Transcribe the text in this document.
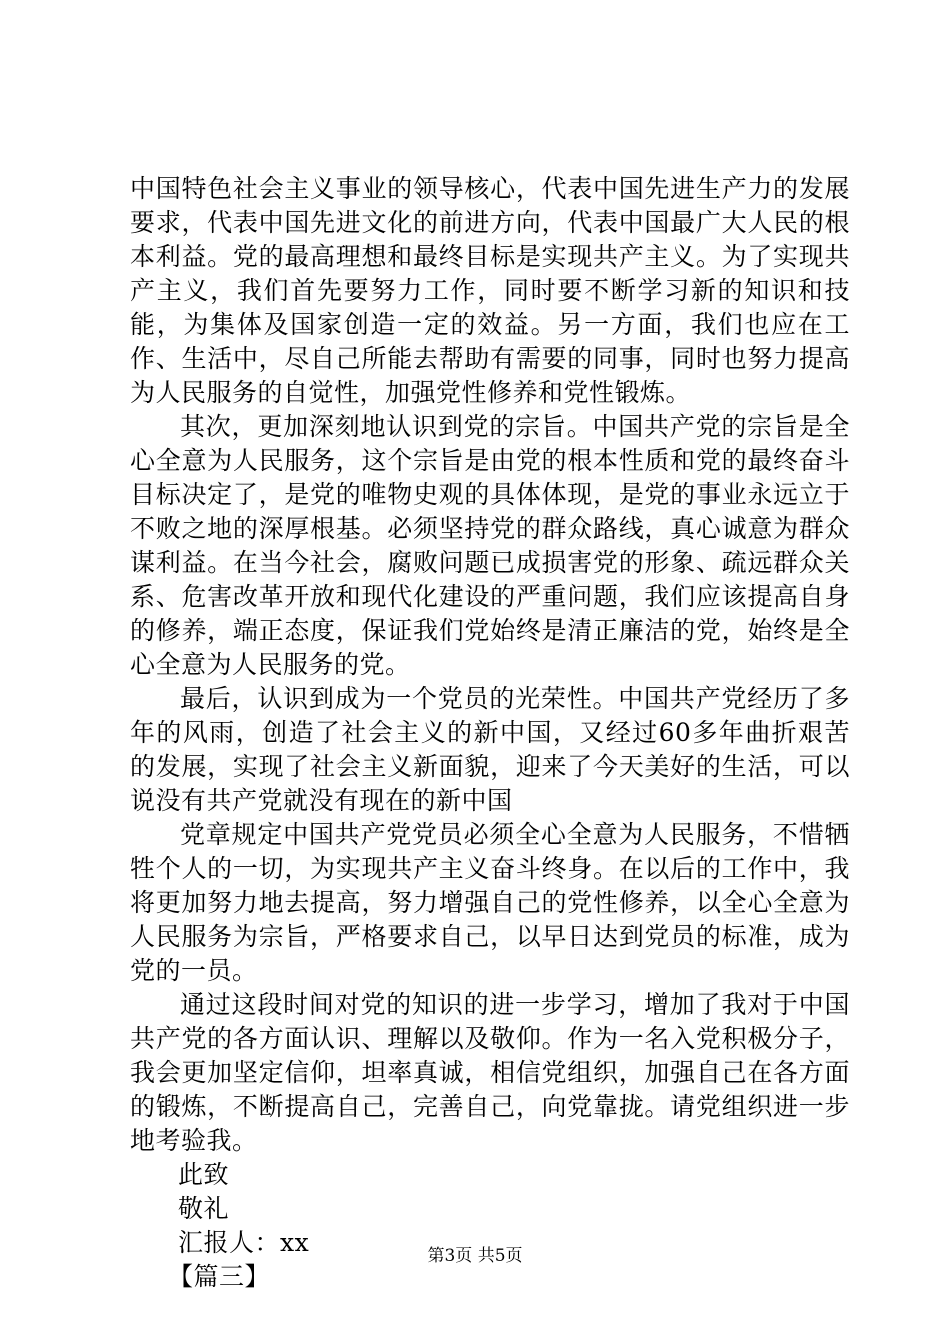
中国特色社会主义事业的领导核心，代表中国先进生产力的发展要求，代表中国先进文化的前进方向，代表中国最广大人民的根本利益。党的最高理想和最终目标是实现共产主义。为了实现共产主义，我们首先要努力工作，同时要不断学习新的知识和技能，为集体及国家创造一定的效益。另一方面，我们也应在工作、生活中，尽自己所能去帮助有需要的同事，同时也努力提高为人民服务的自觉性，加强党性修养和党性锻炼。

其次，更加深刻地认识到党的宗旨。中国共产党的宗旨是全心全意为人民服务，这个宗旨是由党的根本性质和党的最终奋斗目标决定了，是党的唯物史观的具体体现，是党的事业永远立于不败之地的深厚根基。必须坚持党的群众路线，真心诚意为群众谋利益。在当今社会，腐败问题已成损害党的形象、疏远群众关系、危害改革开放和现代化建设的严重问题，我们应该提高自身的修养，端正态度，保证我们党始终是清正廉洁的党，始终是全心全意为人民服务的党。

最后，认识到成为一个党员的光荣性。中国共产党经历了多年的风雨，创造了社会主义的新中国，又经过60多年曲折艰苦的发展，实现了社会主义新面貌，迎来了今天美好的生活，可以说没有共产党就没有现在的新中国

党章规定中国共产党党员必须全心全意为人民服务，不惜牺牲个人的一切，为实现共产主义奋斗终身。在以后的工作中，我将更加努力地去提高，努力增强自己的党性修养，以全心全意为人民服务为宗旨，严格要求自己，以早日达到党员的标准，成为党的一员。

通过这段时间对党的知识的进一步学习，增加了我对于中国共产党的各方面认识、理解以及敬仰。作为一名入党积极分子，我会更加坚定信仰，坦率真诚，相信党组织，加强自己在各方面的锻炼，不断提高自己，完善自己，向党靠拢。请党组织进一步地考验我。

此致

敬礼

汇报人：xx

【篇三】

第3页 共5页
